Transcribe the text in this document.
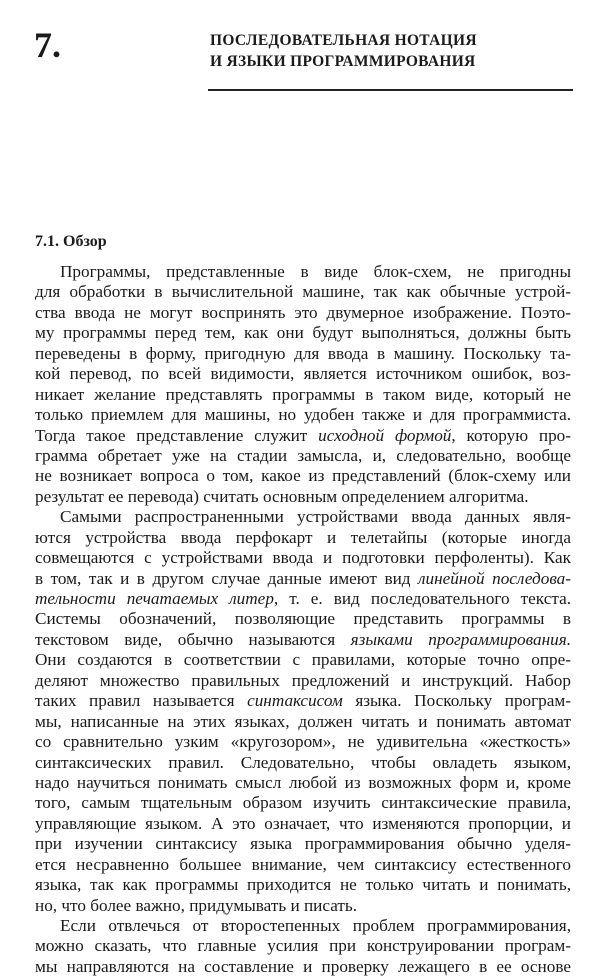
7.	ПОСЛЕДОВАТЕЛЬНАЯ НОТАЦИЯ
И ЯЗЫКИ ПРОГРАММИРОВАНИЯ
7.1. Обзор
Программы, представленные в виде блок-схем, не пригодны
для обработки в вычислительной машине, так как обычные устрой-
ства ввода не могут воспринять это двумерное изображение. Поэто-
му программы перед тем, как они будут выполняться, должны быть
переведены в форму, пригодную для ввода в машину. Поскольку та-
кой перевод, по всей видимости, является источником ошибок, воз-
никает желание представлять программы в таком виде, который не
только приемлем для машины, но удобен также и для программиста.
Тогда такое представление служит исходной формой, которую про-
грамма обретает уже на стадии замысла, и, следовательно, вообще
не возникает вопроса о том, какое из представлений (блок-схему или
результат ее перевода) считать основным определением алгоритма.
Самыми распространенными устройствами ввода данных явля-
ются устройства ввода перфокарт и телетайпы (которые иногда
совмещаются с устройствами ввода и подготовки перфоленты). Как
в том, так и в другом случае данные имеют вид линейной последова-
тельности печатаемых литер, т. е. вид последовательного текста.
Системы обозначений, позволяющие представить программы в
текстовом виде, обычно называются языками программирования.
Они создаются в соответствии с правилами, которые точно опре-
деляют множество правильных предложений и инструкций. Набор
таких правил называется синтаксисом языка. Поскольку програм-
мы, написанные на этих языках, должен читать и понимать автомат
со сравнительно узким «кругозором», не удивительна «жесткость»
синтаксических правил. Следовательно, чтобы овладеть языком,
надо научиться понимать смысл любой из возможных форм и, кроме
того, самым тщательным образом изучить синтаксические правила,
управляющие языком. А это означает, что изменяются пропорции, и
при изучении синтаксису языка программирования обычно уделя-
ется несравненно большее внимание, чем синтаксису естественного
языка, так как программы приходится не только читать и понимать,
но, что более важно, придумывать и писать.
Если отвлечься от второстепенных проблем программирования,
можно сказать, что главные усилия при конструировании програм-
мы направляются на составление и проверку лежащего в ее основе
